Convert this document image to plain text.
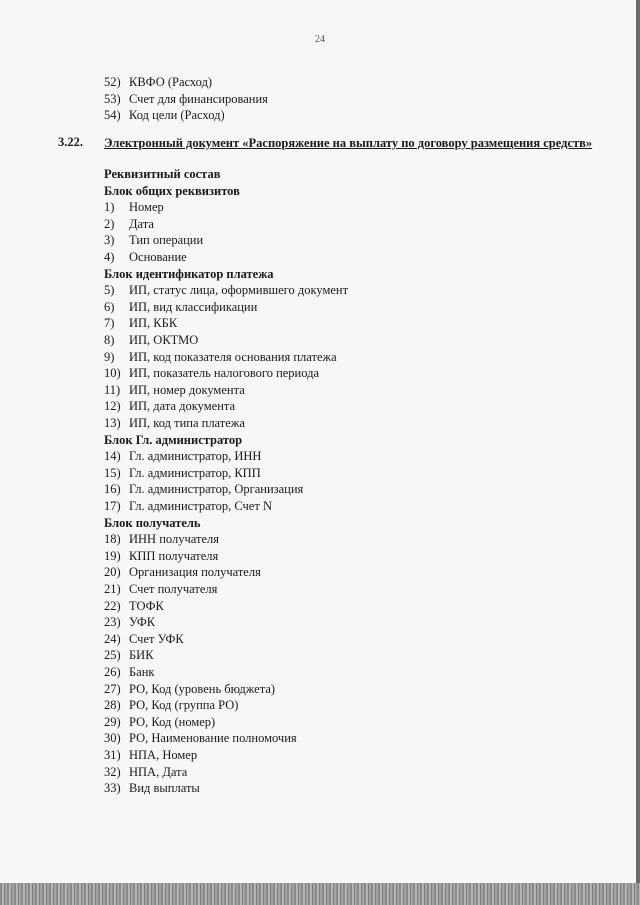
24
3.22. Электронный документ «Распоряжение на выплату по договору размещения средств»
52) КВФО (Расход)
53) Счет для финансирования
54) Код цели (Расход)
Реквизитный состав
Блок общих реквизитов
1) Номер
2) Дата
3) Тип операции
4) Основание
Блок идентификатор платежа
5) ИП, статус лица, оформившего документ
6) ИП, вид классификации
7) ИП, КБК
8) ИП, ОКТМО
9) ИП, код показателя основания платежа
10) ИП, показатель налогового периода
11) ИП, номер документа
12) ИП, дата документа
13) ИП, код типа платежа
Блок Гл. администратор
14) Гл. администратор, ИНН
15) Гл. администратор, КПП
16) Гл. администратор, Организация
17) Гл. администратор, Счет N
Блок получатель
18) ИНН получателя
19) КПП получателя
20) Организация получателя
21) Счет получателя
22) ТОФК
23) УФК
24) Счет УФК
25) БИК
26) Банк
27) РО, Код (уровень бюджета)
28) РО, Код (группа РО)
29) РО, Код (номер)
30) РО, Наименование полномочия
31) НПА, Номер
32) НПА, Дата
33) Вид выплаты
